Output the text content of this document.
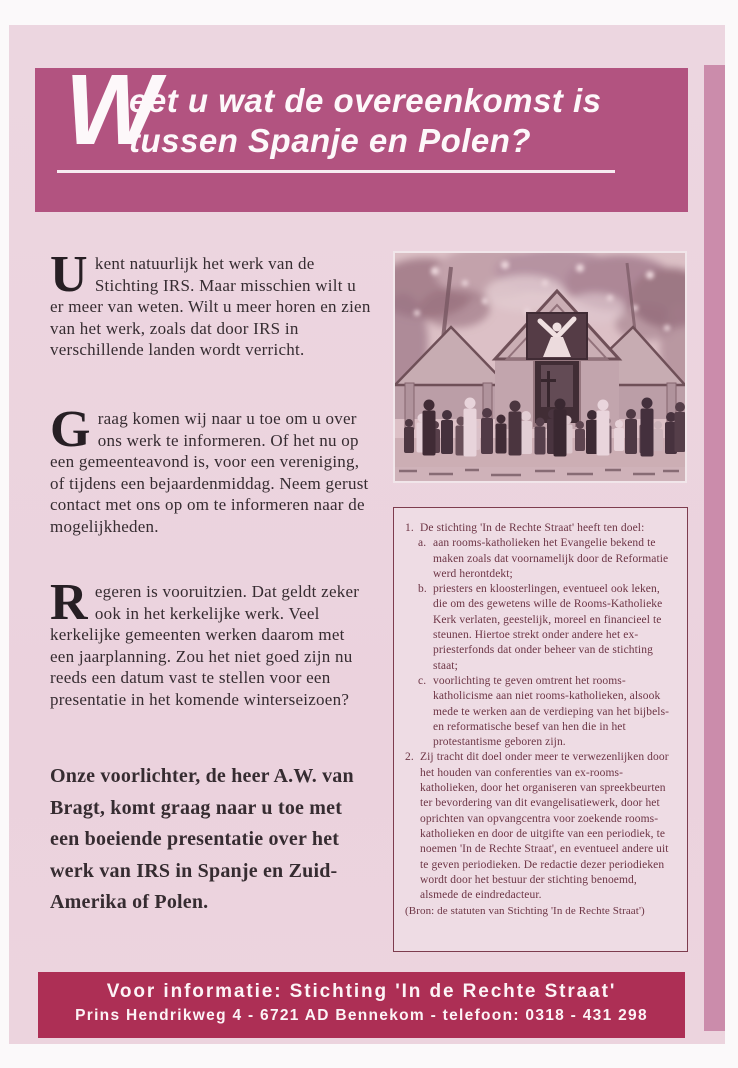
W
eet u wat de overeenkomst is
tussen Spanje en Polen?

Ukent natuurlijk het werk van de Stichting IRS. Maar misschien wilt u er meer van weten. Wilt u meer horen en zien van het werk, zoals dat door IRS in verschillende landen wordt verricht.

Graag komen wij naar u toe om u over ons werk te informeren. Of het nu op een gemeenteavond is, voor een vereniging, of tijdens een bejaardenmiddag. Neem gerust contact met ons op om te informeren naar de mogelijkheden.

Regeren is vooruitzien. Dat geldt zeker ook in het kerkelijke werk. Veel kerkelijke gemeenten werken daarom met een jaarplanning. Zou het niet goed zijn nu reeds een datum vast te stellen voor een presentatie in het komende winterseizoen?

Onze voorlichter, de heer A.W. van Bragt, komt graag naar u toe met een boeiende presentatie over het werk van IRS in Spanje en Zuid-Amerika of Polen.

1. De stichting 'In de Rechte Straat' heeft ten doel:
a. aan rooms-katholieken het Evangelie bekend te maken zoals dat voornamelijk door de Reformatie werd herontdekt;
b. priesters en kloosterlingen, eventueel ook leken, die om des gewetens wille de Rooms-Katholieke Kerk verlaten, geestelijk, moreel en financieel te steunen. Hiertoe strekt onder andere het ex-priesterfonds dat onder beheer van de stichting staat;
c. voorlichting te geven omtrent het rooms-katholicisme aan niet rooms-katholieken, alsook mede te werken aan de verdieping van het bijbels- en reformatische besef van hen die in het protestantisme geboren zijn.
2. Zij tracht dit doel onder meer te verwezenlijken door het houden van conferenties van ex-rooms-katholieken, door het organiseren van spreekbeurten ter bevordering van dit evangelisatiewerk, door het oprichten van opvangcentra voor zoekende rooms-katholieken en door de uitgifte van een periodiek, te noemen 'In de Rechte Straat', en eventueel andere uit te geven periodieken. De redactie dezer periodieken wordt door het bestuur der stichting benoemd, alsmede de eindredacteur.
(Bron: de statuten van Stichting 'In de Rechte Straat')
Voor informatie: Stichting 'In de Rechte Straat'
Prins Hendrikweg 4 - 6721 AD Bennekom - telefoon: 0318 - 431 298
